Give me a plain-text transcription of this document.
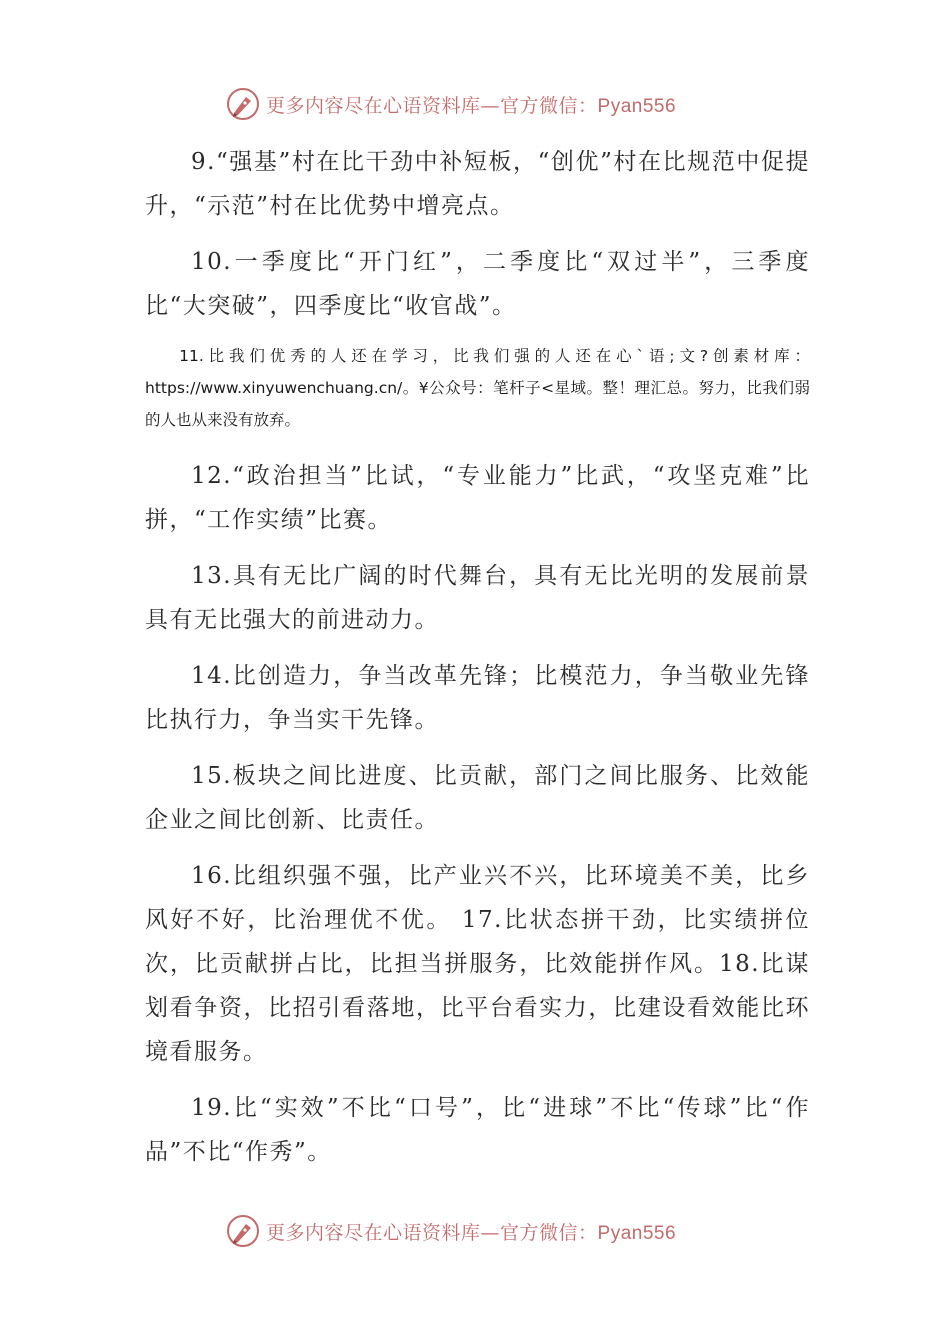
更多内容尽在心语资料库—官方微信：Pyan556

9.“强基”村在比干劲中补短板，“创优”村在比规范中促提升，“示范”村在比优势中增亮点。

10.一季度比“开门红”，二季度比“双过半”，三季度比“大突破”，四季度比“收官战”。

11.比我们优秀的人还在学习，比我们强的人还在心`语;文?创素材库：https://www.xinyuwenchuang.cn/。¥公众号：笔杆子<星域。整！理汇总。努力，比我们弱的人也从来没有放弃。

12.“政治担当”比试，“专业能力”比武，“攻坚克难”比拼，“工作实绩”比赛。

13.具有无比广阔的时代舞台，具有无比光明的发展前景具有无比强大的前进动力。

14.比创造力，争当改革先锋；比模范力，争当敬业先锋比执行力，争当实干先锋。

15.板块之间比进度、比贡献，部门之间比服务、比效能企业之间比创新、比责任。

16.比组织强不强，比产业兴不兴，比环境美不美，比乡风好不好，比治理优不优。 17.比状态拼干劲，比实绩拼位次，比贡献拼占比，比担当拼服务，比效能拼作风。18.比谋划看争资，比招引看落地，比平台看实力，比建设看效能比环境看服务。

19.比“实效”不比“口号”，比“进球”不比“传球”比“作品”不比“作秀”。

更多内容尽在心语资料库—官方微信：Pyan556
